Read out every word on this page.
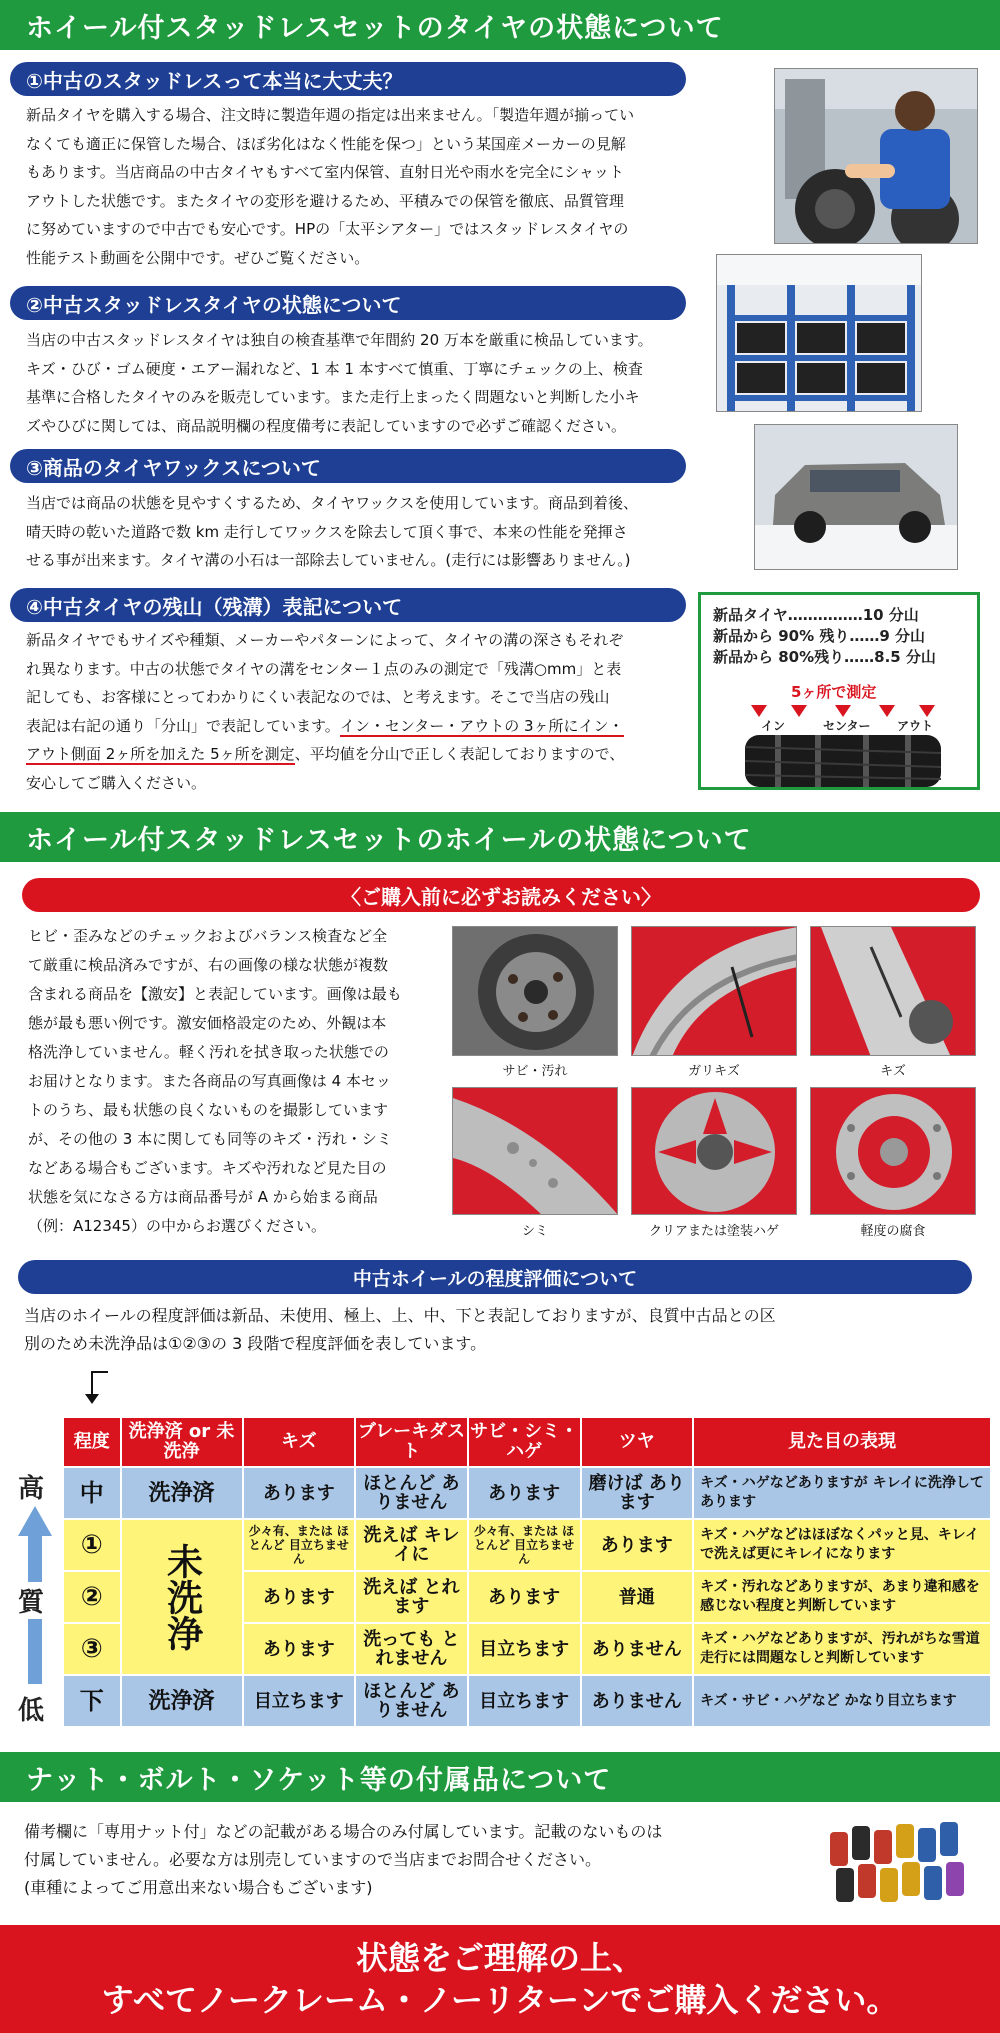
ホイール付スタッドレスセットのタイヤの状態について
①中古のスタッドレスって本当に大丈夫？
新品タイヤを購入する場合、注文時に製造年週の指定は出来ません。「製造年週が揃ってい
なくても適正に保管した場合、ほぼ劣化はなく性能を保つ」という某国産メーカーの見解
もあります。当店商品の中古タイヤもすべて室内保管、直射日光や雨水を完全にシャット
アウトした状態です。またタイヤの変形を避けるため、平積みでの保管を徹底、品質管理
に努めていますので中古でも安心です。HPの「太平シアター」ではスタッドレスタイヤの
性能テスト動画を公開中です。ぜひご覧ください。
②中古スタッドレスタイヤの状態について
当店の中古スタッドレスタイヤは独自の検査基準で年間約 20 万本を厳重に検品しています。
キズ・ひび・ゴム硬度・エアー漏れなど、1 本 1 本すべて慎重、丁寧にチェックの上、検査
基準に合格したタイヤのみを販売しています。また走行上まったく問題ないと判断した小キ
ズやひびに関しては、商品説明欄の程度備考に表記していますので必ずご確認ください。
③商品のタイヤワックスについて
当店では商品の状態を見やすくするため、タイヤワックスを使用しています。商品到着後、
晴天時の乾いた道路で数 km 走行してワックスを除去して頂く事で、本来の性能を発揮さ
せる事が出来ます。タイヤ溝の小石は一部除去していません。(走行には影響ありません。)
④中古タイヤの残山（残溝）表記について
新品タイヤでもサイズや種類、メーカーやパターンによって、タイヤの溝の深さもそれぞ
れ異なります。中古の状態でタイヤの溝をセンター１点のみの測定で「残溝○mm」と表
記しても、お客様にとってわかりにくい表記なのでは、と考えます。そこで当店の残山
表記は右記の通り「分山」で表記しています。イン・センター・アウトの 3ヶ所にイン・
アウト側面 2ヶ所を加えた 5ヶ所を測定、平均値を分山で正しく表記しておりますので、
安心してご購入ください。
新品タイヤ……………10 分山
新品から 90% 残り……9 分山
新品から 80%残り……8.5 分山
5ヶ所で測定
イン	センター アウト
ホイール付スタッドレスセットのホイールの状態について
〈ご購入前に必ずお読みください〉
ヒビ・歪みなどのチェックおよびバランス検査など全
て厳重に検品済みですが、右の画像の様な状態が複数
含まれる商品を【激安】と表記しています。画像は最も
態が最も悪い例です。激安価格設定のため、外観は本
格洗浄していません。軽く汚れを拭き取った状態での
お届けとなります。また各商品の写真画像は 4 本セッ
トのうち、最も状態の良くないものを撮影しています
が、その他の 3 本に関しても同等のキズ・汚れ・シミ
などある場合もございます。キズや汚れなど見た目の
状態を気になさる方は商品番号が A から始まる商品
（例：A12345）の中からお選びください。
サビ・汚れ	ガリキズ	キズ
シミ	クリアまたは塗装ハゲ	軽度の腐食
中古ホイールの程度評価について
当店のホイールの程度評価は新品、未使用、極上、上、中、下と表記しておりますが、良質中古品との区
別のため未洗浄品は①②③の 3 段階で程度評価を表しています。
高
質
低
程度	洗浄済 or 未洗浄	キズ	ブレーキダスト	サビ・シミ・ハゲ	ツヤ	見た目の表現
中	洗浄済	あります	ほとんど ありません	あります	磨けば あります	キズ・ハゲなどありますが キレイに洗浄してあります
①	未洗浄	少々有、または ほとんど 目立ちません	洗えば キレイに	少々有、または ほとんど 目立ちません	あります	キズ・ハゲなどはほぼなくパッと見、キレイで洗えば更にキレイになります
②		あります	洗えば とれます	あります	普通	キズ・汚れなどありますが、あまり違和感を感じない程度と判断しています
③		あります	洗っても とれません	目立ちます	ありません	キズ・ハゲなどありますが、汚れがちな雪道走行には問題なしと判断しています
下	洗浄済	目立ちます	ほとんど ありません	目立ちます	ありません	キズ・サビ・ハゲなど かなり目立ちます
ナット・ボルト・ソケット等の付属品について
備考欄に「専用ナット付」などの記載がある場合のみ付属しています。記載のないものは
付属していません。必要な方は別売していますので当店までお問合せください。
(車種によってご用意出来ない場合もございます)
状態をご理解の上、
すべてノークレーム・ノーリターンでご購入ください。
